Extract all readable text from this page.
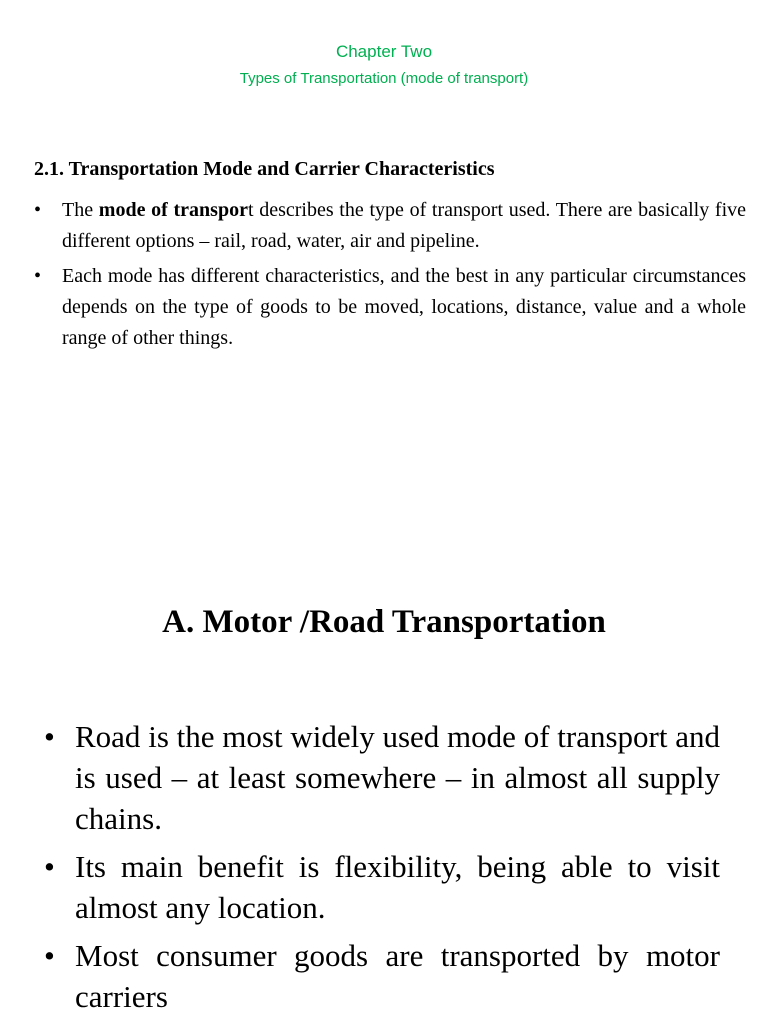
Chapter Two
Types of Transportation (mode of transport)
2.1. Transportation Mode and Carrier Characteristics
• The mode of transport describes the type of transport used. There are basically five different options – rail, road, water, air and pipeline.
• Each mode has different characteristics, and the best in any particular circumstances depends on the type of goods to be moved, locations, distance, value and a whole range of other things.
A. Motor /Road Transportation
• Road is the most widely used mode of transport and is used – at least somewhere – in almost all supply chains.
• Its main benefit is flexibility, being able to visit almost any location.
• Most consumer goods are transported by motor carriers
